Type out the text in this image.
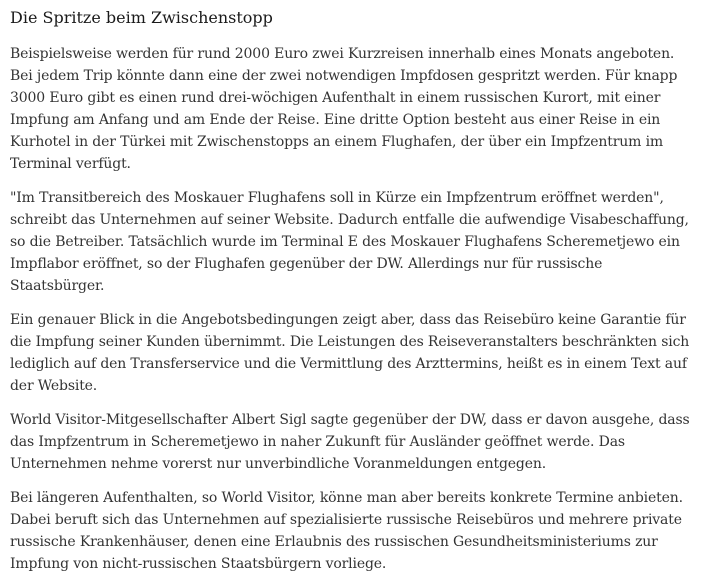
Die Spritze beim Zwischenstopp

Beispielsweise werden für rund 2000 Euro zwei Kurzreisen innerhalb eines Monats angeboten. Bei jedem Trip könnte dann eine der zwei notwendigen Impfdosen gespritzt werden. Für knapp 3000 Euro gibt es einen rund drei-wöchigen Aufenthalt in einem russischen Kurort, mit einer Impfung am Anfang und am Ende der Reise. Eine dritte Option besteht aus einer Reise in ein Kurhotel in der Türkei mit Zwischenstopps an einem Flughafen, der über ein Impfzentrum im Terminal verfügt.

"Im Transitbereich des Moskauer Flughafens soll in Kürze ein Impfzentrum eröffnet werden", schreibt das Unternehmen auf seiner Website. Dadurch entfalle die aufwendige Visabeschaffung, so die Betreiber. Tatsächlich wurde im Terminal E des Moskauer Flughafens Scheremetjewo ein Impflabor eröffnet, so der Flughafen gegenüber der DW. Allerdings nur für russische Staatsbürger.

Ein genauer Blick in die Angebotsbedingungen zeigt aber, dass das Reisebüro keine Garantie für die Impfung seiner Kunden übernimmt. Die Leistungen des Reiseveranstalters beschränkten sich lediglich auf den Transferservice und die Vermittlung des Arzttermins, heißt es in einem Text auf der Website.

World Visitor-Mitgesellschafter Albert Sigl sagte gegenüber der DW, dass er davon ausgehe, dass das Impfzentrum in Scheremetjewo in naher Zukunft für Ausländer geöffnet werde. Das Unternehmen nehme vorerst nur unverbindliche Voranmeldungen entgegen.

Bei längeren Aufenthalten, so World Visitor, könne man aber bereits konkrete Termine anbieten. Dabei beruft sich das Unternehmen auf spezialisierte russische Reisebüros und mehrere private russische Krankenhäuser, denen eine Erlaubnis des russischen Gesundheitsministeriums zur Impfung von nicht-russischen Staatsbürgern vorliege.
